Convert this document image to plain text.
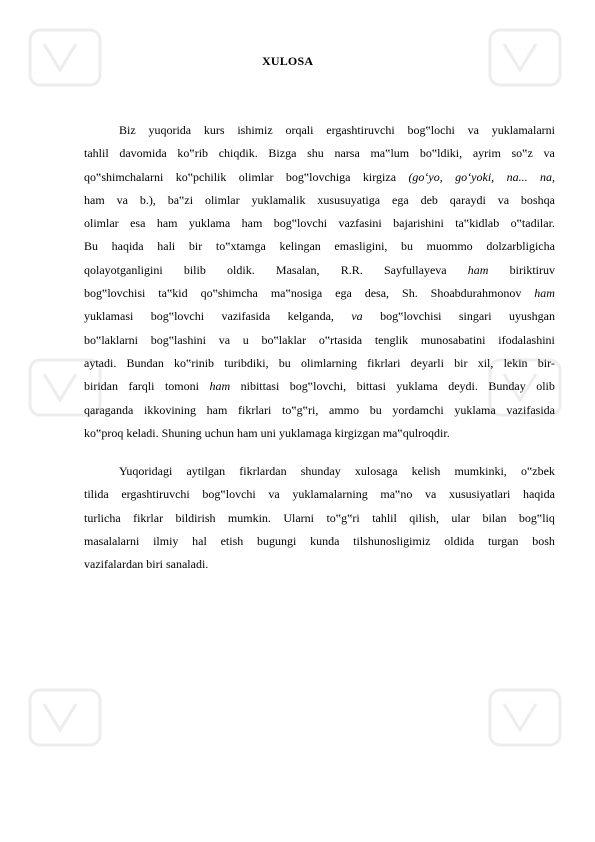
XULOSA
Biz yuqorida kurs ishimiz orqali ergashtiruvchi bog‟lochi va yuklamalarni
tahlil davomida ko‟rib chiqdik. Bizga shu narsa ma‟lum bo‟ldiki, ayrim so‟z va
qo‟shimchalarni ko‟pchilik olimlar bog‟lovchiga kirgiza (go‘yo, go‘yoki, na... na,
ham va b.), ba‟zi olimlar yuklamalik xususuyatiga ega deb qaraydi va boshqa
olimlar esa ham yuklama ham bog‟lovchi vazfasini bajarishini ta‟kidlab o‟tadilar.
Bu haqida hali bir to‟xtamga kelingan emasligini, bu muommo dolzarbligicha
qolayotganligini bilib oldik. Masalan, R.R. Sayfullayeva ham biriktiruv
bog‟lovchisi ta‟kid qo‟shimcha ma‟nosiga ega desa, Sh. Shoabdurahmonov ham
yuklamasi bog‟lovchi vazifasida kelganda, va bog‟lovchisi singari uyushgan
bo‟laklarni bog‟lashini va u bo‟laklar o‟rtasida tenglik munosabatini ifodalashini
aytadi. Bundan ko‟rinib turibdiki, bu olimlarning fikrlari deyarli bir xil, lekin bir-
biridan farqli tomoni ham nibittasi bog‟lovchi, bittasi yuklama deydi. Bunday olib
qaraganda ikkovining ham fikrlari to‟g‟ri, ammo bu yordamchi yuklama vazifasida
ko‟proq keladi. Shuning uchun ham uni yuklamaga kirgizgan ma‟qulroqdir.
Yuqoridagi aytilgan fikrlardan shunday xulosaga kelish mumkinki, o‟zbek
tilida ergashtiruvchi bog‟lovchi va yuklamalarning ma‟no va xususiyatlari haqida
turlicha fikrlar bildirish mumkin. Ularni to‟g‟ri tahlil qilish, ular bilan bog‟liq
masalalarni ilmiy hal etish bugungi kunda tilshunosligimiz oldida turgan bosh
vazifalardan biri sanaladi.
